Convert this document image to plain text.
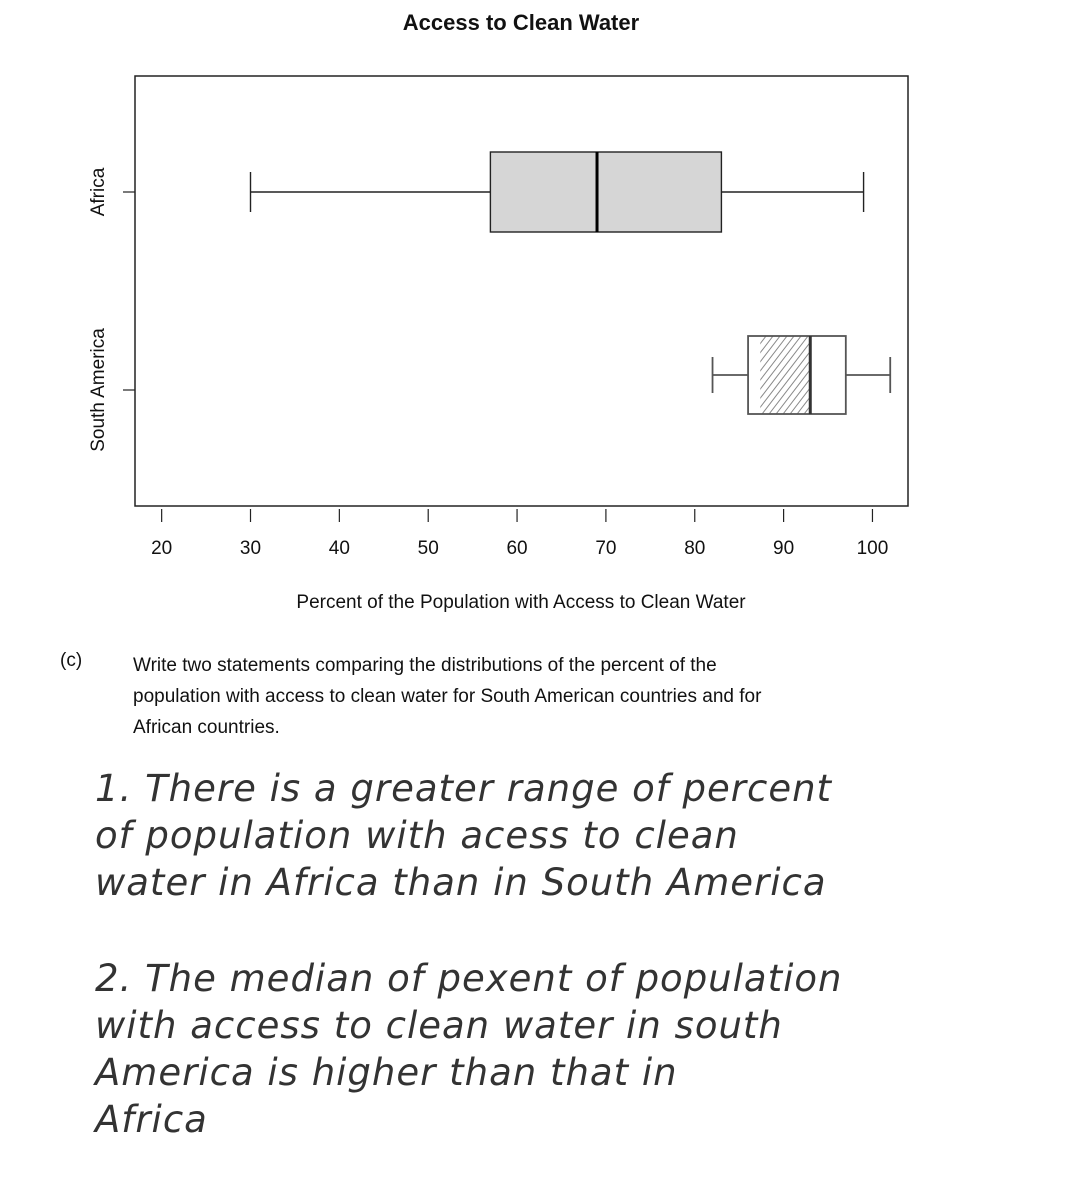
Access to Clean Water
20	30	40	50	60	70	80	90	100
Africa
South America
Percent of the Population with Access to Clean Water
(c)	Write two statements comparing the distributions of the percent of the
population with access to clean water for South American countries and for
African countries.
1. There is a greater range of percent
of population with acess to clean
water in Africa than in South America
2. The median of pexent of population
with access to clean water in south
America is higher than that in
Africa
